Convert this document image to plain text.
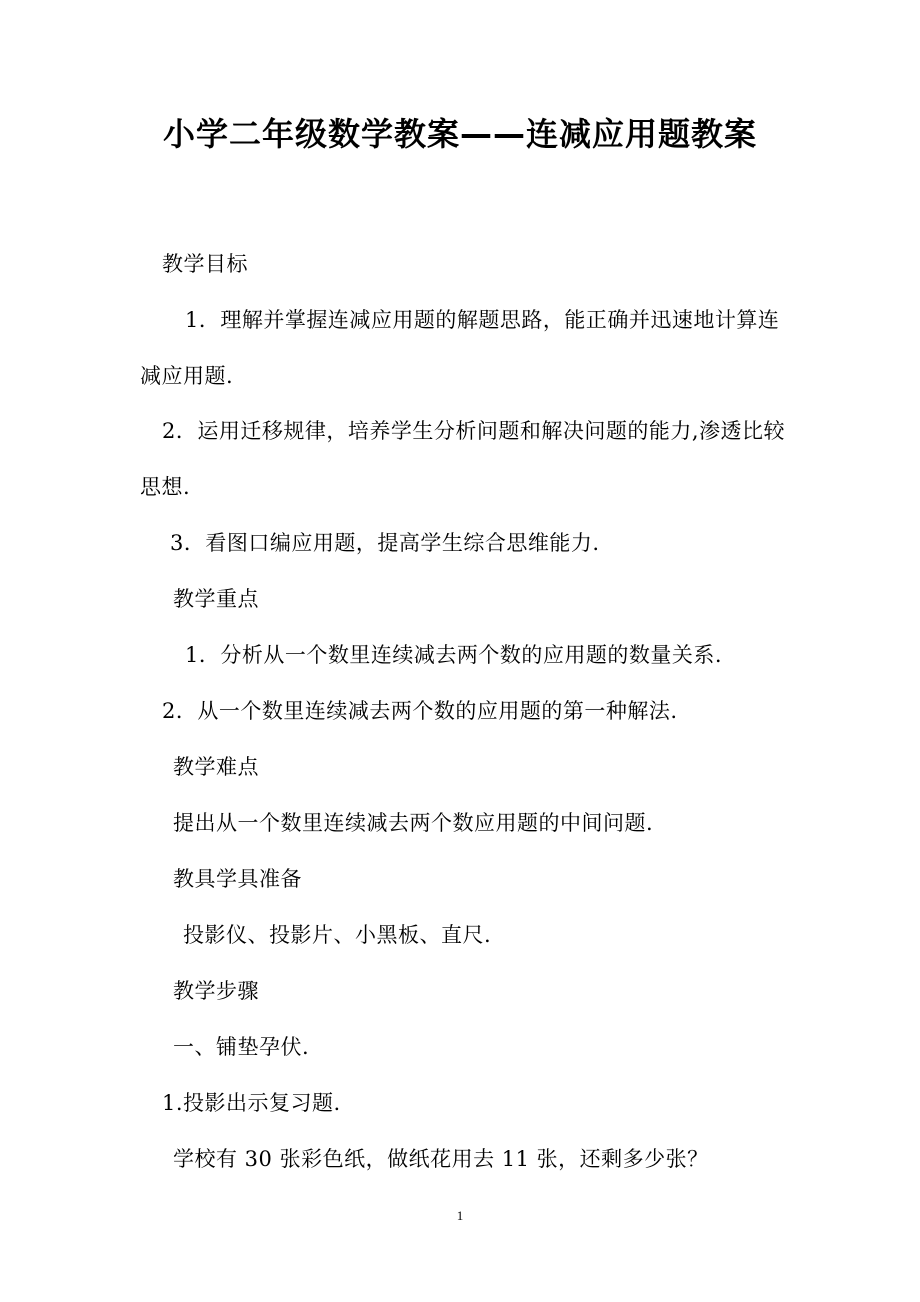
小学二年级数学教案——连减应用题教案
教学目标
1．理解并掌握连减应用题的解题思路，能正确并迅速地计算连
减应用题.
2．运用迁移规律，培养学生分析问题和解决问题的能力,渗透比较
思想.
3．看图口编应用题，提高学生综合思维能力.
教学重点
1．分析从一个数里连续减去两个数的应用题的数量关系.
2．从一个数里连续减去两个数的应用题的第一种解法.
教学难点
提出从一个数里连续减去两个数应用题的中间问题.
教具学具准备
投影仪、投影片、小黑板、直尺.
教学步骤
一、铺垫孕伏.
1.投影出示复习题.
学校有 30 张彩色纸，做纸花用去 11 张，还剩多少张？
1
